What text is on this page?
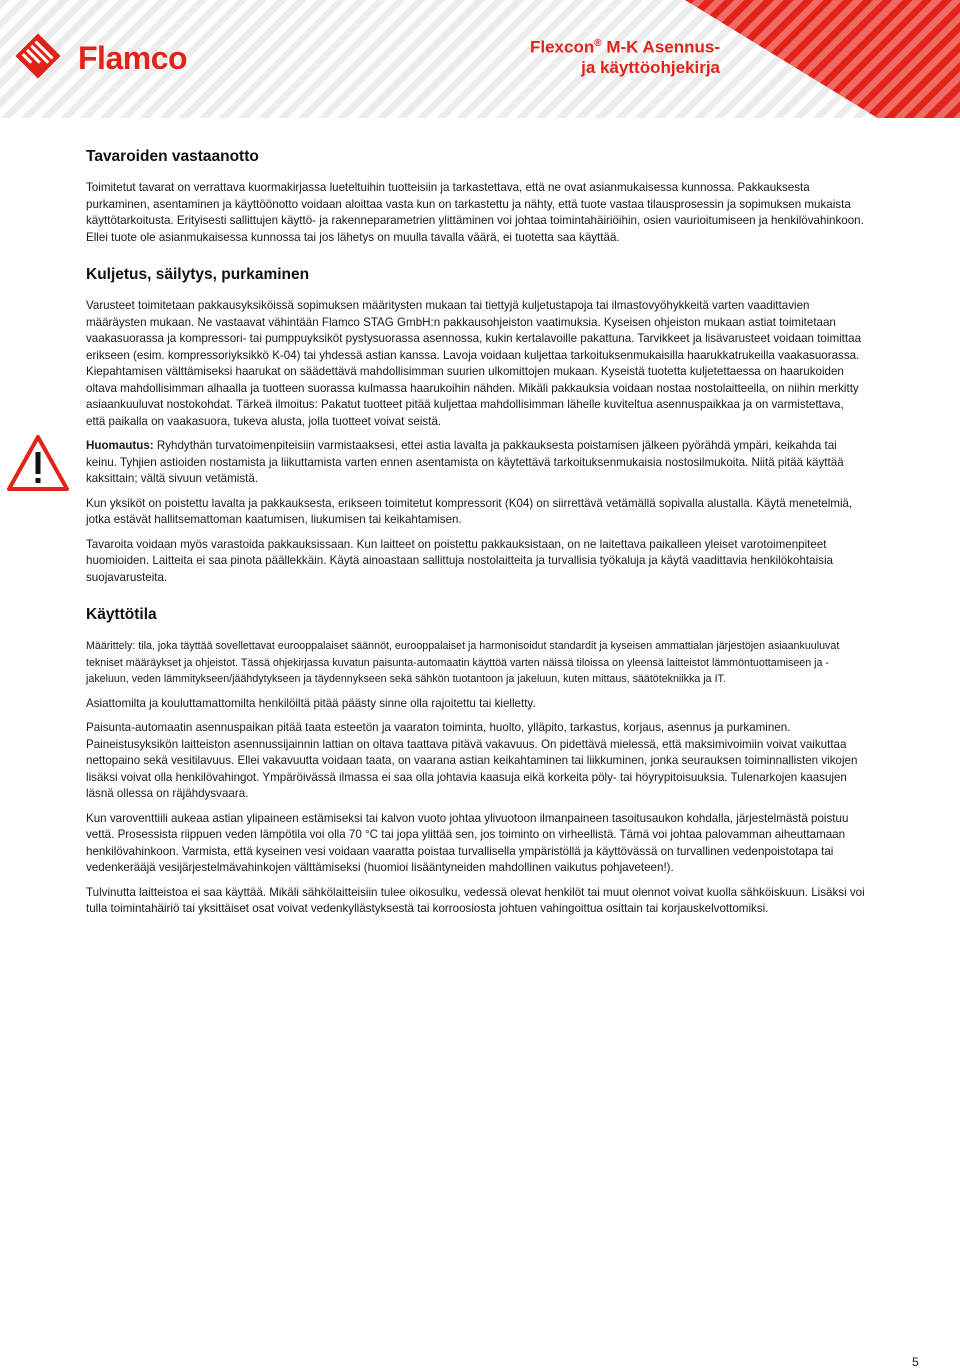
Flamco	Flexcon® M-K Asennus-
ja käyttöohjekirja
Tavaroiden vastaanotto

Toimitetut tavarat on verrattava kuormakirjassa lueteltuihin tuotteisiin ja tarkastettava, että ne ovat asianmukaisessa kunnossa. Pakkauksesta purkaminen, asentaminen ja käyttöönotto voidaan aloittaa vasta kun on tarkastettu ja nähty, että tuote vastaa tilausprosessin ja sopimuksen mukaista käyttötarkoitusta. Erityisesti sallittujen käyttö- ja rakenneparametrien ylittäminen voi johtaa toimintahäiriöihin, osien vaurioitumiseen ja henkilövahinkoon. Ellei tuote ole asianmukaisessa kunnossa tai jos lähetys on muulla tavalla väärä, ei tuotetta saa käyttää.

Kuljetus, säilytys, purkaminen

Varusteet toimitetaan pakkausyksiköissä sopimuksen määritysten mukaan tai tiettyjä kuljetustapoja tai ilmastovyöhykkeitä varten vaadittavien määräysten mukaan. Ne vastaavat vähintään Flamco STAG GmbH:n pakkausohjeiston vaatimuksia. Kyseisen ohjeiston mukaan astiat toimitetaan vaakasuorassa ja kompressori- tai pumppuyksiköt pystysuorassa asennossa, kukin kertalavoille pakattuna. Tarvikkeet ja lisävarusteet voidaan toimittaa erikseen (esim. kompressoriyksikkö K-04) tai yhdessä astian kanssa. Lavoja voidaan kuljettaa tarkoituksenmukaisilla haarukkatrukeilla vaakasuorassa. Kiepahtamisen välttämiseksi haarukat on säädettävä mahdollisimman suurien ulkomittojen mukaan. Kyseistä tuotetta kuljetettaessa on haarukoiden oltava mahdollisimman alhaalla ja tuotteen suorassa kulmassa haarukoihin nähden. Mikäli pakkauksia voidaan nostaa nostolaitteella, on niihin merkitty asiaankuuluvat nostokohdat. Tärkeä ilmoitus: Pakatut tuotteet pitää kuljettaa mahdollisimman lähelle kuviteltua asennuspaikkaa ja on varmistettava, että paikalla on vaakasuora, tukeva alusta, jolla tuotteet voivat seistä.

Huomautus: Ryhdythän turvatoimenpiteisiin varmistaaksesi, ettei astia lavalta ja pakkauksesta poistamisen jälkeen pyörähdä ympäri, keikahda tai keinu. Tyhjien astioiden nostamista ja liikuttamista varten ennen asentamista on käytettävä tarkoituksenmukaisia nostosilmukoita. Niitä pitää käyttää kaksittain; vältä sivuun vetämistä.

Kun yksiköt on poistettu lavalta ja pakkauksesta, erikseen toimitetut kompressorit (K04) on siirrettävä vetämällä sopivalla alustalla. Käytä menetelmiä, jotka estävät hallitsemattoman kaatumisen, liukumisen tai keikahtamisen.

Tavaroita voidaan myös varastoida pakkauksissaan. Kun laitteet on poistettu pakkauksistaan, on ne laitettava paikalleen yleiset varotoimenpiteet huomioiden. Laitteita ei saa pinota päällekkäin. Käytä ainoastaan sallittuja nostolaitteita ja turvallisia työkaluja ja käytä vaadittavia henkilökohtaisia suojavarusteita.

Käyttötila

Määrittely: tila, joka täyttää sovellettavat eurooppalaiset säännöt, eurooppalaiset ja harmonisoidut standardit ja kyseisen ammattialan järjestöjen asiaankuuluvat tekniset määräykset ja ohjeistot. Tässä ohjekirjassa kuvatun paisunta-automaatin käyttöä varten näissä tiloissa on yleensä laitteistot lämmöntuottamiseen ja -jakeluun, veden lämmitykseen/jäähdytykseen ja täydennykseen sekä sähkön tuotantoon ja jakeluun, kuten mittaus, säätötekniikka ja IT.

Asiattomilta ja kouluttamattomilta henkilöiltä pitää päästy sinne olla rajoitettu tai kielletty.

Paisunta-automaatin asennuspaikan pitää taata esteetön ja vaaraton toiminta, huolto, ylläpito, tarkastus, korjaus, asennus ja purkaminen. Paineistusyksikön laitteiston asennussijainnin lattian on oltava taattava pitävä vakavuus. On pidettävä mielessä, että maksimivoimiin voivat vaikuttaa nettopaino sekä vesitilavuus. Ellei vakavuutta voidaan taata, on vaarana astian keikahtaminen tai liikkuminen, jonka seurauksen toiminnallisten vikojen lisäksi voivat olla henkilövahingot. Ympäröivässä ilmassa ei saa olla johtavia kaasuja eikä korkeita pöly- tai höyrypitoisuuksia. Tulenarkojen kaasujen läsnä ollessa on räjähdysvaara.

Kun varoventtiili aukeaa astian ylipaineen estämiseksi tai kalvon vuoto johtaa ylivuotoon ilmanpaineen tasoitusaukon kohdalla, järjestelmästä poistuu vettä. Prosessista riippuen veden lämpötila voi olla 70 °C tai jopa ylittää sen, jos toiminto on virheellistä. Tämä voi johtaa palovamman aiheuttamaan henkilövahinkoon. Varmista, että kyseinen vesi voidaan vaaratta poistaa turvallisella ympäristöllä ja käyttövässä on turvallinen vedenpoistotapa tai vedenkerääjä vesijärjestelmävahinkojen välttämiseksi (huomioi lisääntyneiden mahdollinen vaikutus pohjaveteen!).

Tulvinutta laitteistoa ei saa käyttää. Mikäli sähkölaitteisiin tulee oikosulku, vedessä olevat henkilöt tai muut olennot voivat kuolla sähköiskuun. Lisäksi voi tulla toimintahäiriö tai yksittäiset osat voivat vedenkyllästyksestä tai korroosiosta johtuen vahingoittua osittain tai korjauskelvottomiksi.

5
